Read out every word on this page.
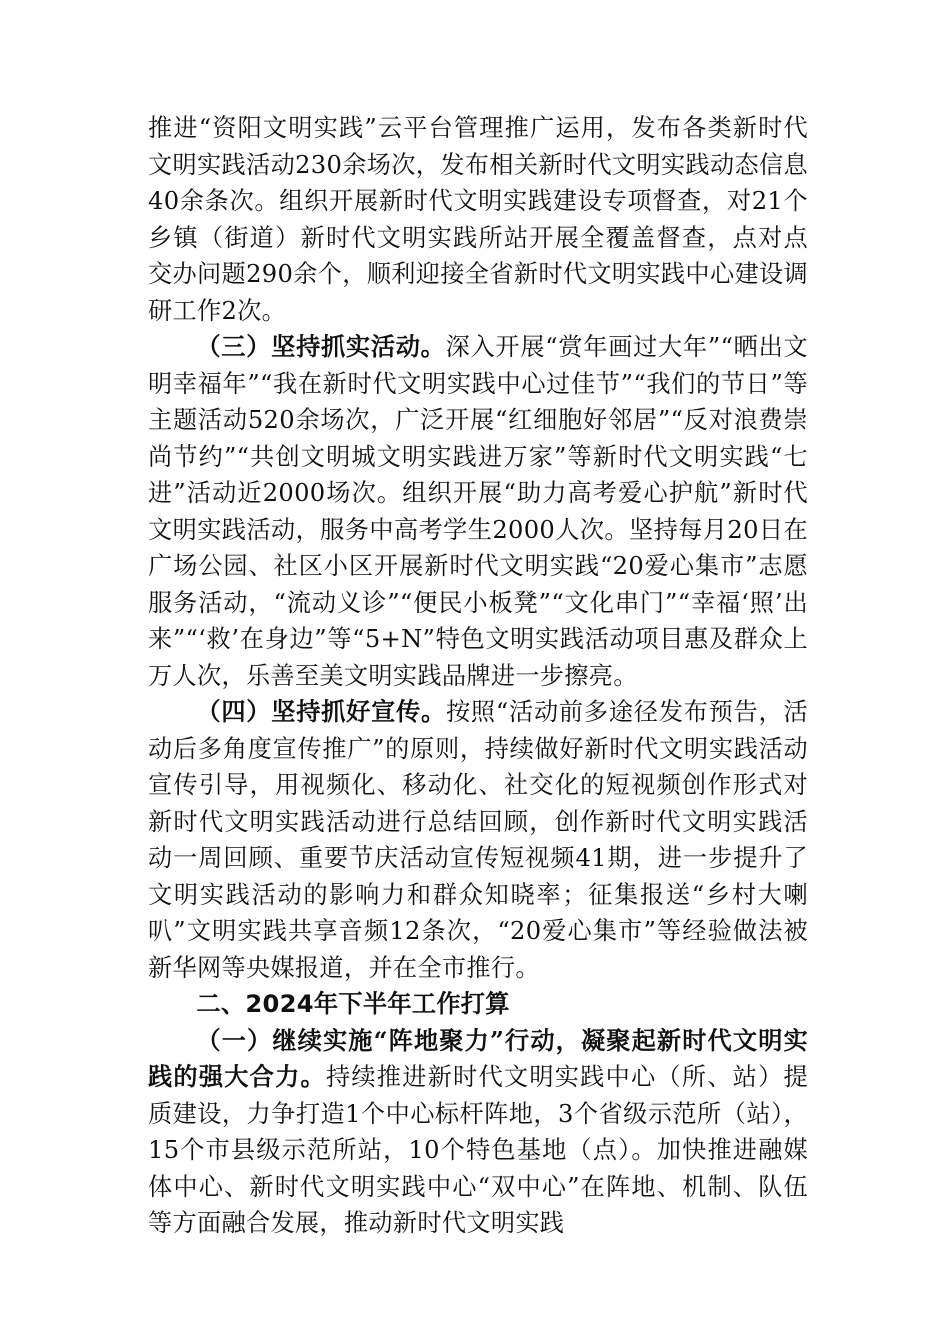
推进“资阳文明实践”云平台管理推广运用，发布各类新时代文明实践活动230余场次，发布相关新时代文明实践动态信息40余条次。组织开展新时代文明实践建设专项督查，对21个乡镇（街道）新时代文明实践所站开展全覆盖督查，点对点交办问题290余个，顺利迎接全省新时代文明实践中心建设调研工作2次。

（三）坚持抓实活动。深入开展“赏年画过大年”“晒出文明幸福年”“我在新时代文明实践中心过佳节”“我们的节日”等主题活动520余场次，广泛开展“红细胞好邻居”“反对浪费崇尚节约”“共创文明城文明实践进万家”等新时代文明实践“七进”活动近2000场次。组织开展“助力高考爱心护航”新时代文明实践活动，服务中高考学生2000人次。坚持每月20日在广场公园、社区小区开展新时代文明实践“20爱心集市”志愿服务活动，“流动义诊”“便民小板凳”“文化串门”“幸福‘照’出来”“‘救’在身边”等“5+N”特色文明实践活动项目惠及群众上万人次，乐善至美文明实践品牌进一步擦亮。

（四）坚持抓好宣传。按照“活动前多途径发布预告，活动后多角度宣传推广”的原则，持续做好新时代文明实践活动宣传引导，用视频化、移动化、社交化的短视频创作形式对新时代文明实践活动进行总结回顾，创作新时代文明实践活动一周回顾、重要节庆活动宣传短视频41期，进一步提升了文明实践活动的影响力和群众知晓率；征集报送“乡村大喇叭”文明实践共享音频12条次，“20爱心集市”等经验做法被新华网等央媒报道，并在全市推行。

二、2024年下半年工作打算

（一）继续实施“阵地聚力”行动，凝聚起新时代文明实践的强大合力。持续推进新时代文明实践中心（所、站）提质建设，力争打造1个中心标杆阵地，3个省级示范所（站），15个市县级示范所站，10个特色基地（点）。加快推进融媒体中心、新时代文明实践中心“双中心”在阵地、机制、队伍等方面融合发展，推动新时代文明实践
